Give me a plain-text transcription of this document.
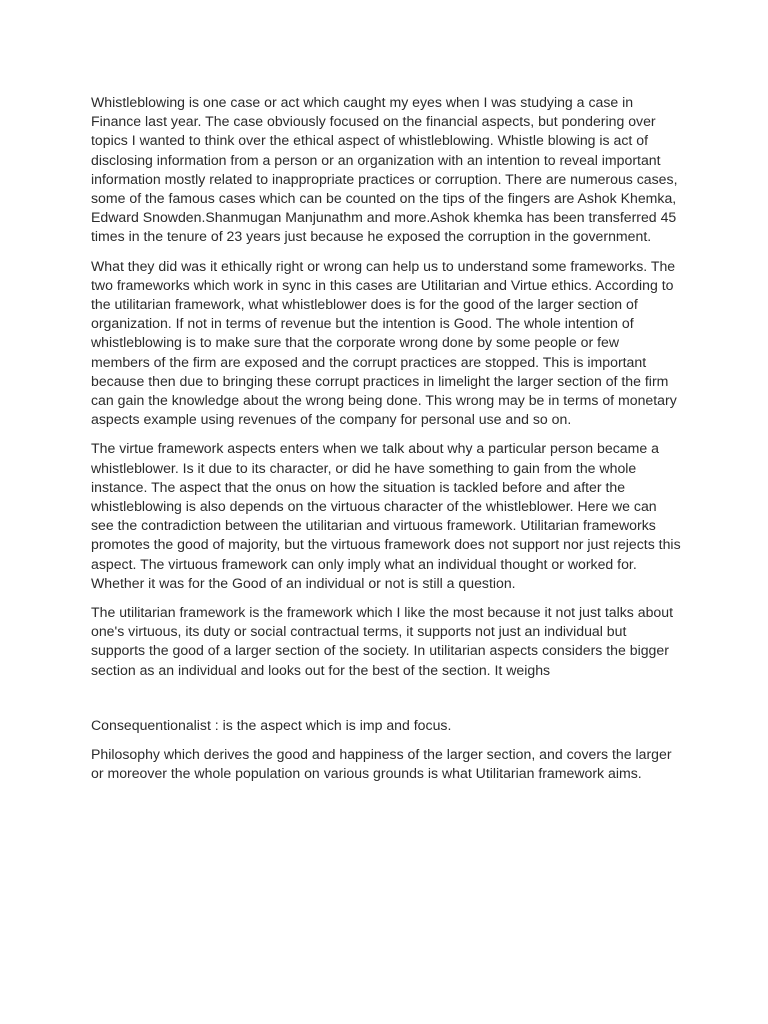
Whistleblowing is one case or act which caught my eyes when I was studying a case in Finance last year. The case obviously focused on the financial aspects, but pondering over topics I wanted to think over the ethical aspect of whistleblowing. Whistle blowing is act of disclosing information from a person or an organization with an intention to reveal important information mostly related to inappropriate practices or corruption. There are numerous cases, some of the famous cases which can be counted on the tips of the fingers are Ashok Khemka, Edward Snowden.Shanmugan Manjunathm and more.Ashok khemka has been transferred 45 times in the tenure of 23 years just because he exposed the corruption in the government.

What they did was it ethically right or wrong can help us to understand some frameworks. The two frameworks which work in sync in this cases are Utilitarian and Virtue ethics. According to the utilitarian framework, what whistleblower does is for the good of the larger section of organization. If not in terms of revenue but the intention is Good. The whole intention of whistleblowing is to make sure that the corporate wrong done by some people or few members of the firm are exposed and the corrupt practices are stopped. This is important because then due to bringing these corrupt practices in limelight the larger section of the firm can gain the knowledge about the wrong being done. This wrong may be in terms of monetary aspects example using revenues of the company for personal use and so on.

The virtue framework aspects enters when we talk about why a particular person became a whistleblower. Is it due to its character, or did he have something to gain from the whole instance. The aspect that the onus on how the situation is tackled before and after the whistleblowing is also depends on the virtuous character of the whistleblower. Here we can see the contradiction between the utilitarian and virtuous framework. Utilitarian frameworks promotes the good of majority, but the virtuous framework does not support nor just rejects this aspect. The virtuous framework can only imply what an individual thought or worked for. Whether it was for the Good of an individual or not is still a question.

The utilitarian framework is the framework which I like the most because it not just talks about one's virtuous, its duty or social contractual terms, it supports not just an individual but supports the good of a larger section of the society. In utilitarian aspects considers the bigger section as an individual and looks out for the best of the section. It weighs

Consequentionalist : is the aspect which is imp and focus.

Philosophy which derives the good and happiness of the larger section, and covers the larger or moreover the whole population on various grounds is what Utilitarian framework aims.
